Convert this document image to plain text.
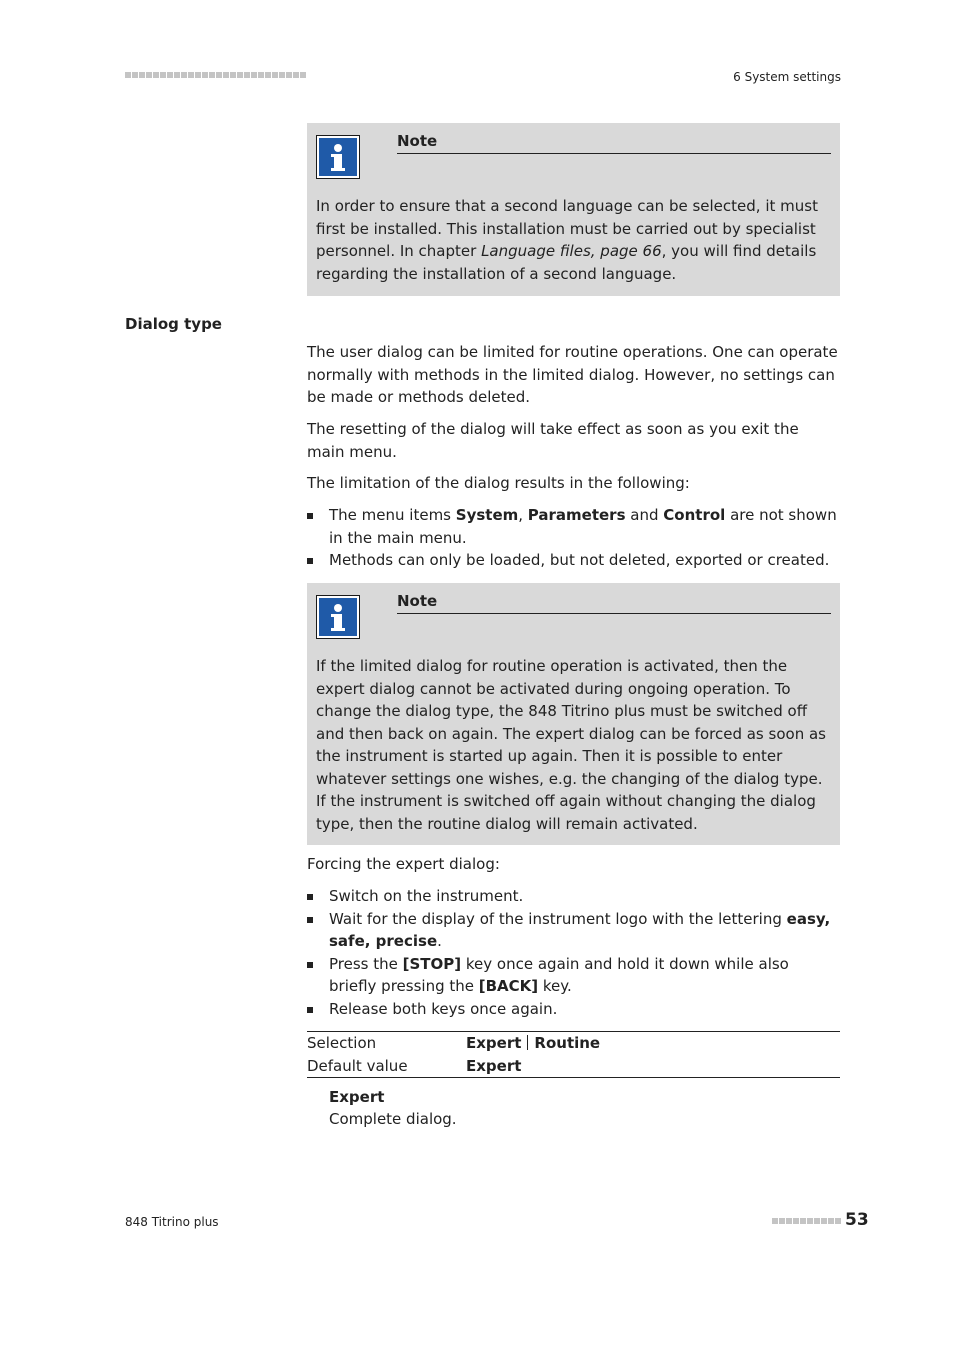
6 System settings
Note
In order to ensure that a second language can be selected, it must first be installed. This installation must be carried out by specialist personnel. In chapter Language files, page 66, you will find details regarding the installation of a second language.
Dialog type

The user dialog can be limited for routine operations. One can operate normally with methods in the limited dialog. However, no settings can be made or methods deleted.

The resetting of the dialog will take effect as soon as you exit the main menu.

The limitation of the dialog results in the following:

The menu items System, Parameters and Control are not shown in the main menu.
Methods can only be loaded, but not deleted, exported or created.
Note
If the limited dialog for routine operation is activated, then the expert dialog cannot be activated during ongoing operation. To change the dialog type, the 848 Titrino plus must be switched off and then back on again. The expert dialog can be forced as soon as the instrument is started up again. Then it is possible to enter whatever settings one wishes, e.g. the changing of the dialog type. If the instrument is switched off again without changing the dialog type, then the routine dialog will remain activated.

Forcing the expert dialog:

Switch on the instrument.
Wait for the display of the instrument logo with the lettering easy, safe, precise.
Press the [STOP] key once again and hold it down while also briefly pressing the [BACK] key.
Release both keys once again.
Selection	Expert Routine
Default value	Expert
Expert
Complete dialog.
848 Titrino plus	53
